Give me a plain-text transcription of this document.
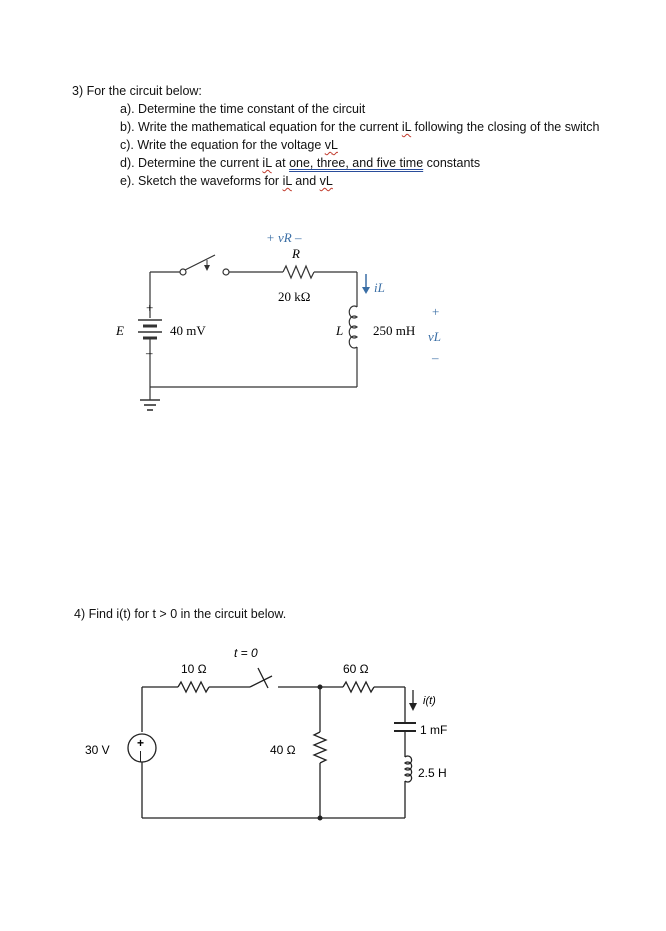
3) For the circuit below:
a). Determine the time constant of the circuit
b). Write the mathematical equation for the current iL following the closing of the switch
c). Write the equation for the voltage vL
d). Determine the current iL at one, three, and five time constants
e). Sketch the waveforms for iL and vL
+ vR –
R
20 kΩ
iL
+
E
–
40 mV	L 250 mH
+
vL
–
4) Find i(t) for t > 0 in the circuit below.
+
|
t = 0
10 Ω	60 Ω
40 Ω
30 V
i(t)
1 mF
2.5 H
